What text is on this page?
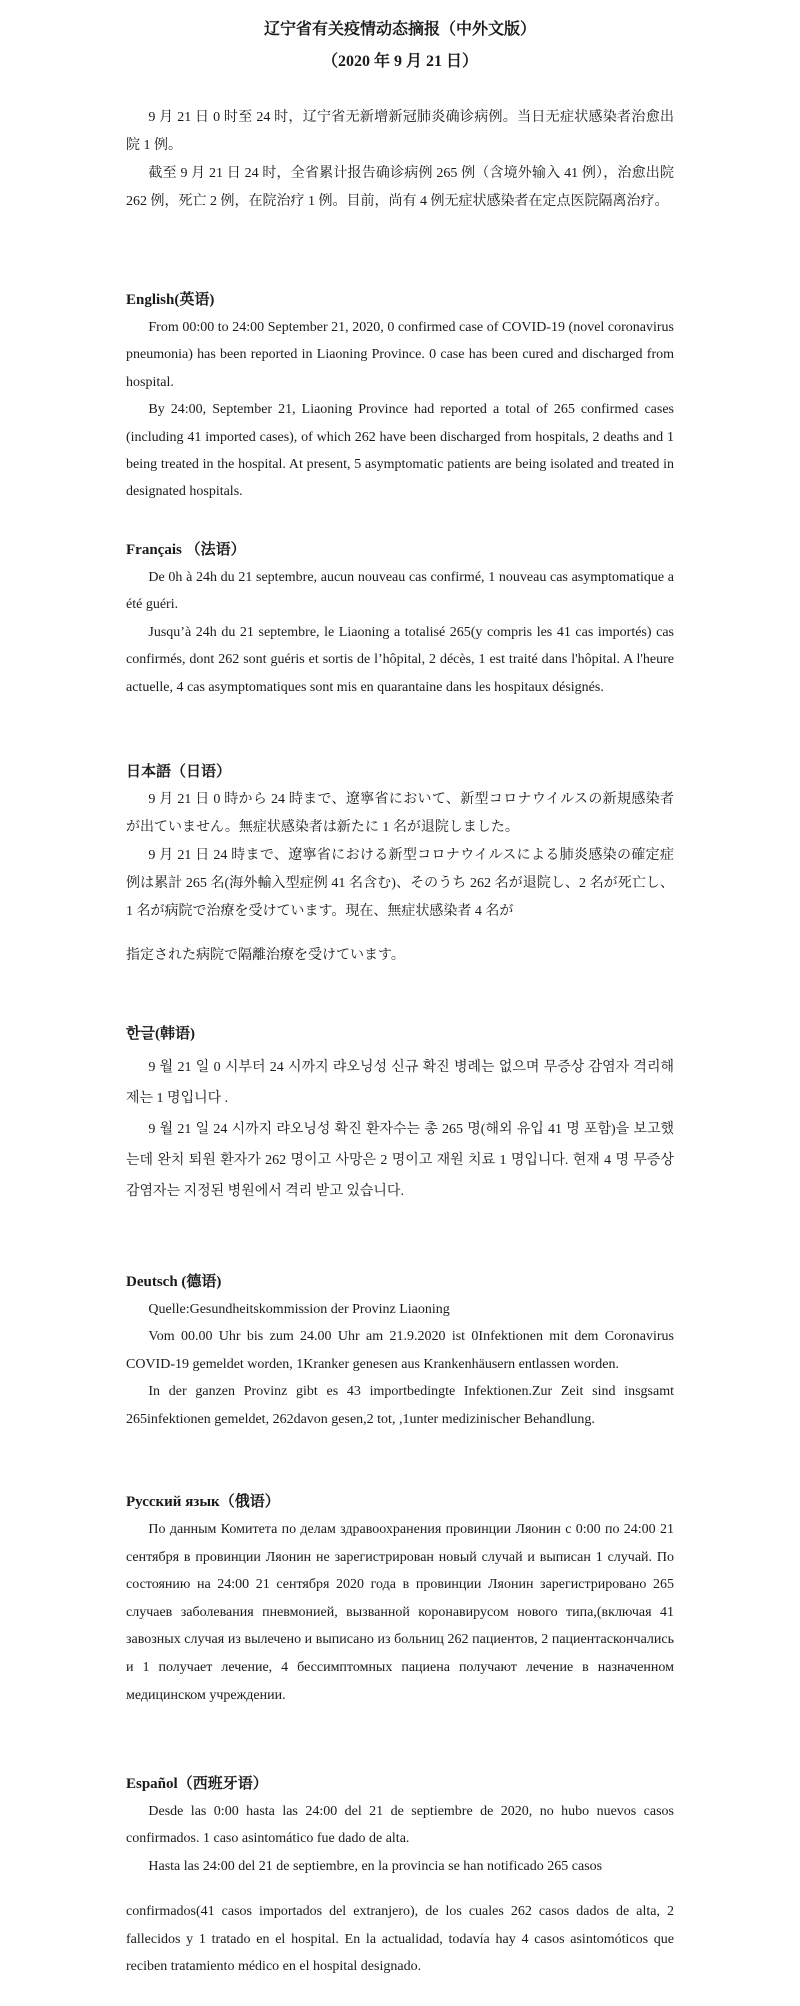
辽宁省有关疫情动态摘报（中外文版）
（2020 年 9 月 21 日）

9 月 21 日 0 时至 24 时，辽宁省无新增新冠肺炎确诊病例。当日无症状感染者治愈出院 1 例。

截至 9 月 21 日 24 时，全省累计报告确诊病例 265 例（含境外输入 41 例），治愈出院 262 例，死亡 2 例，在院治疗 1 例。目前，尚有 4 例无症状感染者在定点医院隔离治疗。

English(英语)

From 00:00 to 24:00 September 21, 2020, 0 confirmed case of COVID-19 (novel coronavirus pneumonia) has been reported in Liaoning Province. 0 case has been cured and discharged from hospital.

By 24:00, September 21, Liaoning Province had reported a total of 265 confirmed cases (including 41 imported cases), of which 262 have been discharged from hospitals, 2 deaths and 1 being treated in the hospital. At present, 5 asymptomatic patients are being isolated and treated in designated hospitals.

Français （法语）

De 0h à 24h du 21 septembre, aucun nouveau cas confirmé, 1 nouveau cas asymptomatique a été guéri.

Jusqu’à 24h du 21 septembre, le Liaoning a totalisé 265(y compris les 41 cas importés) cas confirmés, dont 262 sont guéris et sortis de l’hôpital, 2 décès, 1 est traité dans l'hôpital. A l'heure actuelle, 4 cas asymptomatiques sont mis en quarantaine dans les hospitaux désignés.

日本語（日语）

9 月 21 日 0 時から 24 時まで、遼寧省において、新型コロナウイルスの新規感染者が出ていません。無症状感染者は新たに 1 名が退院しました。

9 月 21 日 24 時まで、遼寧省における新型コロナウイルスによる肺炎感染の確定症例は累計 265 名(海外輸入型症例 41 名含む)、そのうち 262 名が退院し、2 名が死亡し、1 名が病院で治療を受けています。現在、無症状感染者 4 名が

指定された病院で隔離治療を受けています。

한글(韩语)

9 월 21 일 0 시부터 24 시까지 랴오닝성 신규 확진 병례는 없으며 무증상 감염자 격리해제는 1 명입니다 .

9 월 21 일 24 시까지 랴오닝성 확진 환자수는 총 265 명(해외 유입 41 명 포함)을 보고했는데 완치 퇴원 환자가 262 명이고 사망은 2 명이고 재원 치료 1 명입니다. 현재 4 명 무증상 감염자는 지정된 병원에서 격리 받고 있습니다.

Deutsch (德语)

Quelle:Gesundheitskommission der Provinz Liaoning

Vom 00.00 Uhr bis zum 24.00 Uhr am 21.9.2020 ist 0Infektionen mit dem Coronavirus COVID-19 gemeldet worden, 1Kranker genesen aus Krankenhäusern entlassen worden.

In der ganzen Provinz gibt es 43 importbedingte Infektionen.Zur Zeit sind insgsamt 265infektionen gemeldet, 262davon gesen,2 tot, ,1unter medizinischer Behandlung.

Русский язык（俄语）

По данным Комитета по делам здравоохранения провинции Ляонин с 0:00 по 24:00 21 сентября в провинции Ляонин не зарегистрирован новый случай и выписан 1 случай. По состоянию на 24:00 21 сентября 2020 года в провинции Ляонин зарегистрировано 265 случаев заболевания пневмонией, вызванной коронавирусом нового типа,(включая 41 завозных случая из вылечено и выписано из больниц 262 пациентов, 2 пациентаскончались и 1 получает лечение, 4 бессимптомных пациена получают лечение в назначенном медицинском учреждении.

Español（西班牙语）

Desde las 0:00 hasta las 24:00 del 21 de septiembre de 2020, no hubo nuevos casos confirmados. 1 caso asintomático fue dado de alta.

Hasta las 24:00 del 21 de septiembre, en la provincia se han notificado 265 casos

confirmados(41 casos importados del extranjero), de los cuales 262 casos dados de alta, 2 fallecidos y 1 tratado en el hospital. En la actualidad, todavía hay 4 casos asintomóticos que reciben tratamiento médico en el hospital designado.
